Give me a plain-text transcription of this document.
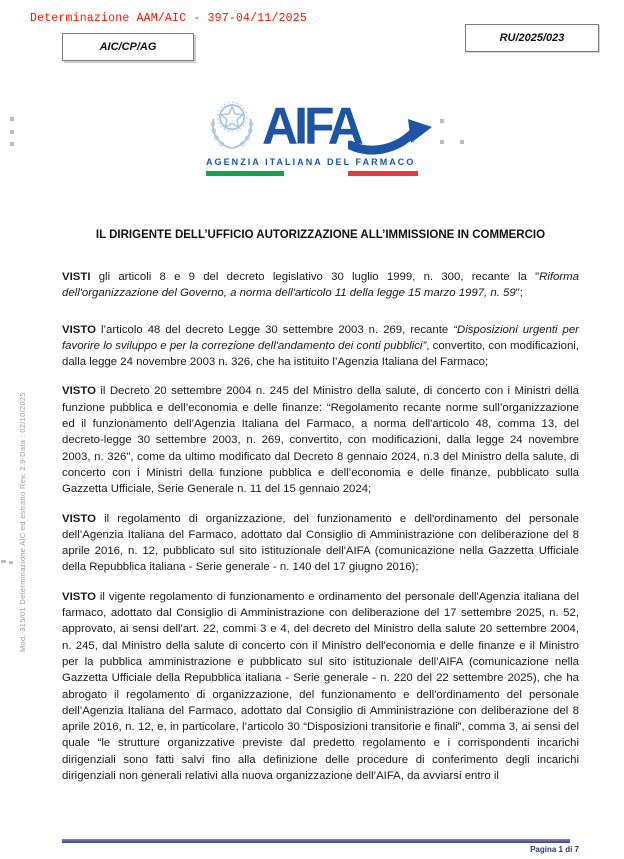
Determinazione AAM/AIC - 397-04/11/2025
AIC/CP/AG
RU/2025/023
AIFA
AGENZIA ITALIANA DEL FARMACO
Mod. 315/01 Determinazione AIC ed estratto Rev. 2.9 Data : 02/10/2025
IL DIRIGENTE DELL’UFFICIO AUTORIZZAZIONE ALL’IMMISSIONE IN COMMERCIO

VISTI gli articoli 8 e 9 del decreto legislativo 30 luglio 1999, n. 300, recante la "Riforma dell'organizzazione del Governo, a norma dell'articolo 11 della legge 15 marzo 1997, n. 59";

VISTO l’articolo 48 del decreto Legge 30 settembre 2003 n. 269, recante “Disposizioni urgenti per favorire lo sviluppo e per la correzione dell'andamento dei conti pubblici”, convertito, con modificazioni, dalla legge 24 novembre 2003 n. 326, che ha istituito l’Agenzia Italiana del Farmaco;

VISTO il Decreto 20 settembre 2004 n. 245 del Ministro della salute, di concerto con i Ministri della funzione pubblica e dell’economia e delle finanze: “Regolamento recante norme sull’organizzazione ed il funzionamento dell’Agenzia Italiana del Farmaco, a norma dell'articolo 48, comma 13, del decreto-legge 30 settembre 2003, n. 269, convertito, con modificazioni, dalla legge 24 novembre 2003, n. 326", come da ultimo modificato dal Decreto 8 gennaio 2024, n.3 del Ministro della salute, di concerto con i Ministri della funzione pubblica e dell’economia e delle finanze, pubblicato sulla Gazzetta Ufficiale, Serie Generale n. 11 del 15 gennaio 2024;

VISTO il regolamento di organizzazione, del funzionamento e dell'ordinamento del personale dell’Agenzia Italiana del Farmaco, adottato dal Consiglio di Amministrazione con deliberazione del 8 aprile 2016, n. 12, pubblicato sul sito istituzionale dell'AIFA (comunicazione nella Gazzetta Ufficiale della Repubblica italiana - Serie generale - n. 140 del 17 giugno 2016);

VISTO il vigente regolamento di funzionamento e ordinamento del personale dell'Agenzia italiana del farmaco, adottato dal Consiglio di Amministrazione con deliberazione del 17 settembre 2025, n. 52, approvato, ai sensi dell'art. 22, commi 3 e 4, del decreto del Ministro della salute 20 settembre 2004, n. 245, dal Ministro della salute di concerto con il Ministro dell'economia e delle finanze e il Ministro per la pubblica amministrazione e pubblicato sul sito istituzionale dell’AIFA (comunicazione nella Gazzetta Ufficiale della Repubblica italiana - Serie generale - n. 220 del 22 settembre 2025), che ha abrogato il regolamento di organizzazione, del funzionamento e dell'ordinamento del personale dell’Agenzia Italiana del Farmaco, adottato dal Consiglio di Amministrazione con deliberazione del 8 aprile 2016, n. 12, e, in particolare, l’articolo 30 “Disposizioni transitorie e finali”, comma 3, ai sensi del quale “le strutture organizzative previste dal predetto regolamento e i corrispondenti incarichi dirigenziali sono fatti salvi fino alla definizione delle procedure di conferimento degli incarichi dirigenziali non generali relativi alla nuova organizzazione dell’AIFA, da avviarsi entro il

Pagina 1 di 7
